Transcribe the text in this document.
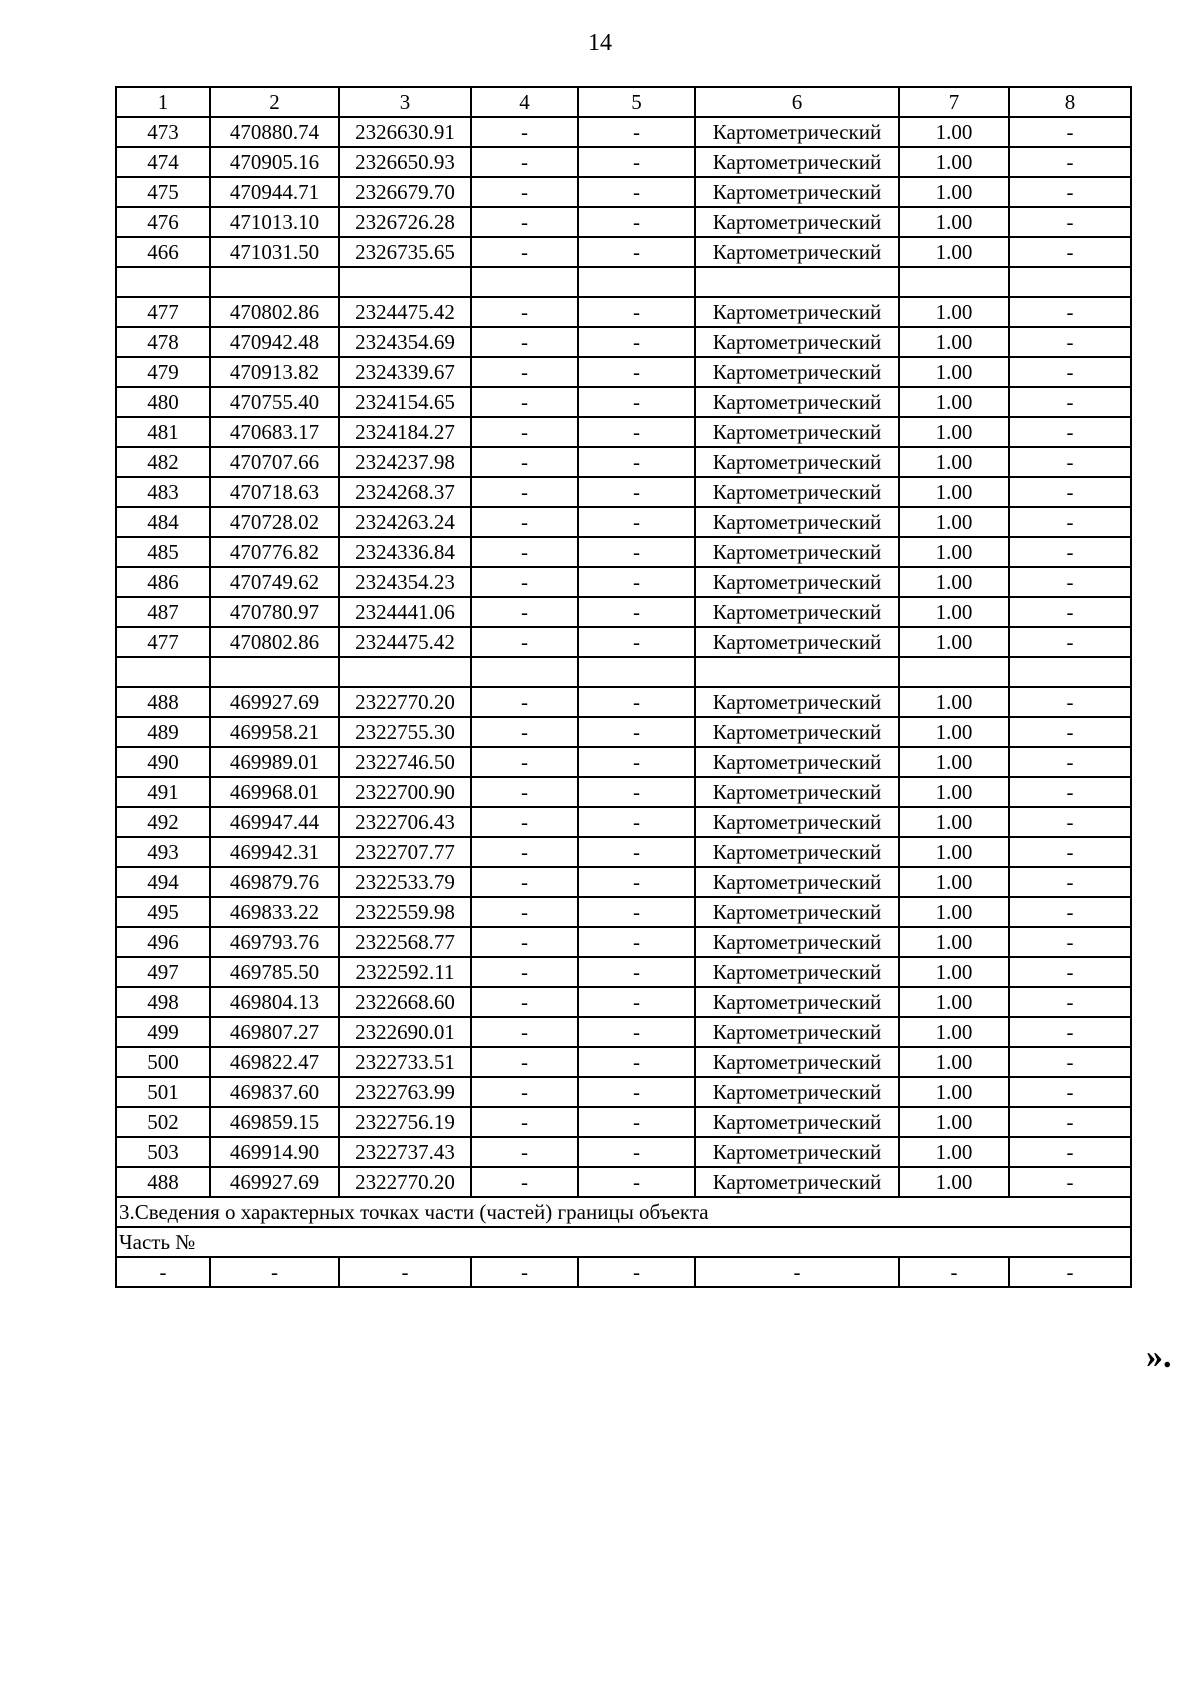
14
1	2	3	4	5	6	7	8
473	470880.74	2326630.91	-	-	Картометрический	1.00	-
474	470905.16	2326650.93	-	-	Картометрический	1.00	-
475	470944.71	2326679.70	-	-	Картометрический	1.00	-
476	471013.10	2326726.28	-	-	Картометрический	1.00	-
466	471031.50	2326735.65	-	-	Картометрический	1.00	-

477	470802.86	2324475.42	-	-	Картометрический	1.00	-
478	470942.48	2324354.69	-	-	Картометрический	1.00	-
479	470913.82	2324339.67	-	-	Картометрический	1.00	-
480	470755.40	2324154.65	-	-	Картометрический	1.00	-
481	470683.17	2324184.27	-	-	Картометрический	1.00	-
482	470707.66	2324237.98	-	-	Картометрический	1.00	-
483	470718.63	2324268.37	-	-	Картометрический	1.00	-
484	470728.02	2324263.24	-	-	Картометрический	1.00	-
485	470776.82	2324336.84	-	-	Картометрический	1.00	-
486	470749.62	2324354.23	-	-	Картометрический	1.00	-
487	470780.97	2324441.06	-	-	Картометрический	1.00	-
477	470802.86	2324475.42	-	-	Картометрический	1.00	-

488	469927.69	2322770.20	-	-	Картометрический	1.00	-
489	469958.21	2322755.30	-	-	Картометрический	1.00	-
490	469989.01	2322746.50	-	-	Картометрический	1.00	-
491	469968.01	2322700.90	-	-	Картометрический	1.00	-
492	469947.44	2322706.43	-	-	Картометрический	1.00	-
493	469942.31	2322707.77	-	-	Картометрический	1.00	-
494	469879.76	2322533.79	-	-	Картометрический	1.00	-
495	469833.22	2322559.98	-	-	Картометрический	1.00	-
496	469793.76	2322568.77	-	-	Картометрический	1.00	-
497	469785.50	2322592.11	-	-	Картометрический	1.00	-
498	469804.13	2322668.60	-	-	Картометрический	1.00	-
499	469807.27	2322690.01	-	-	Картометрический	1.00	-
500	469822.47	2322733.51	-	-	Картометрический	1.00	-
501	469837.60	2322763.99	-	-	Картометрический	1.00	-
502	469859.15	2322756.19	-	-	Картометрический	1.00	-
503	469914.90	2322737.43	-	-	Картометрический	1.00	-
488	469927.69	2322770.20	-	-	Картометрический	1.00	-
3.Сведения о характерных точках части (частей) границы объекта							
Часть №							
-	-	-	-	-	-	-	-
».
